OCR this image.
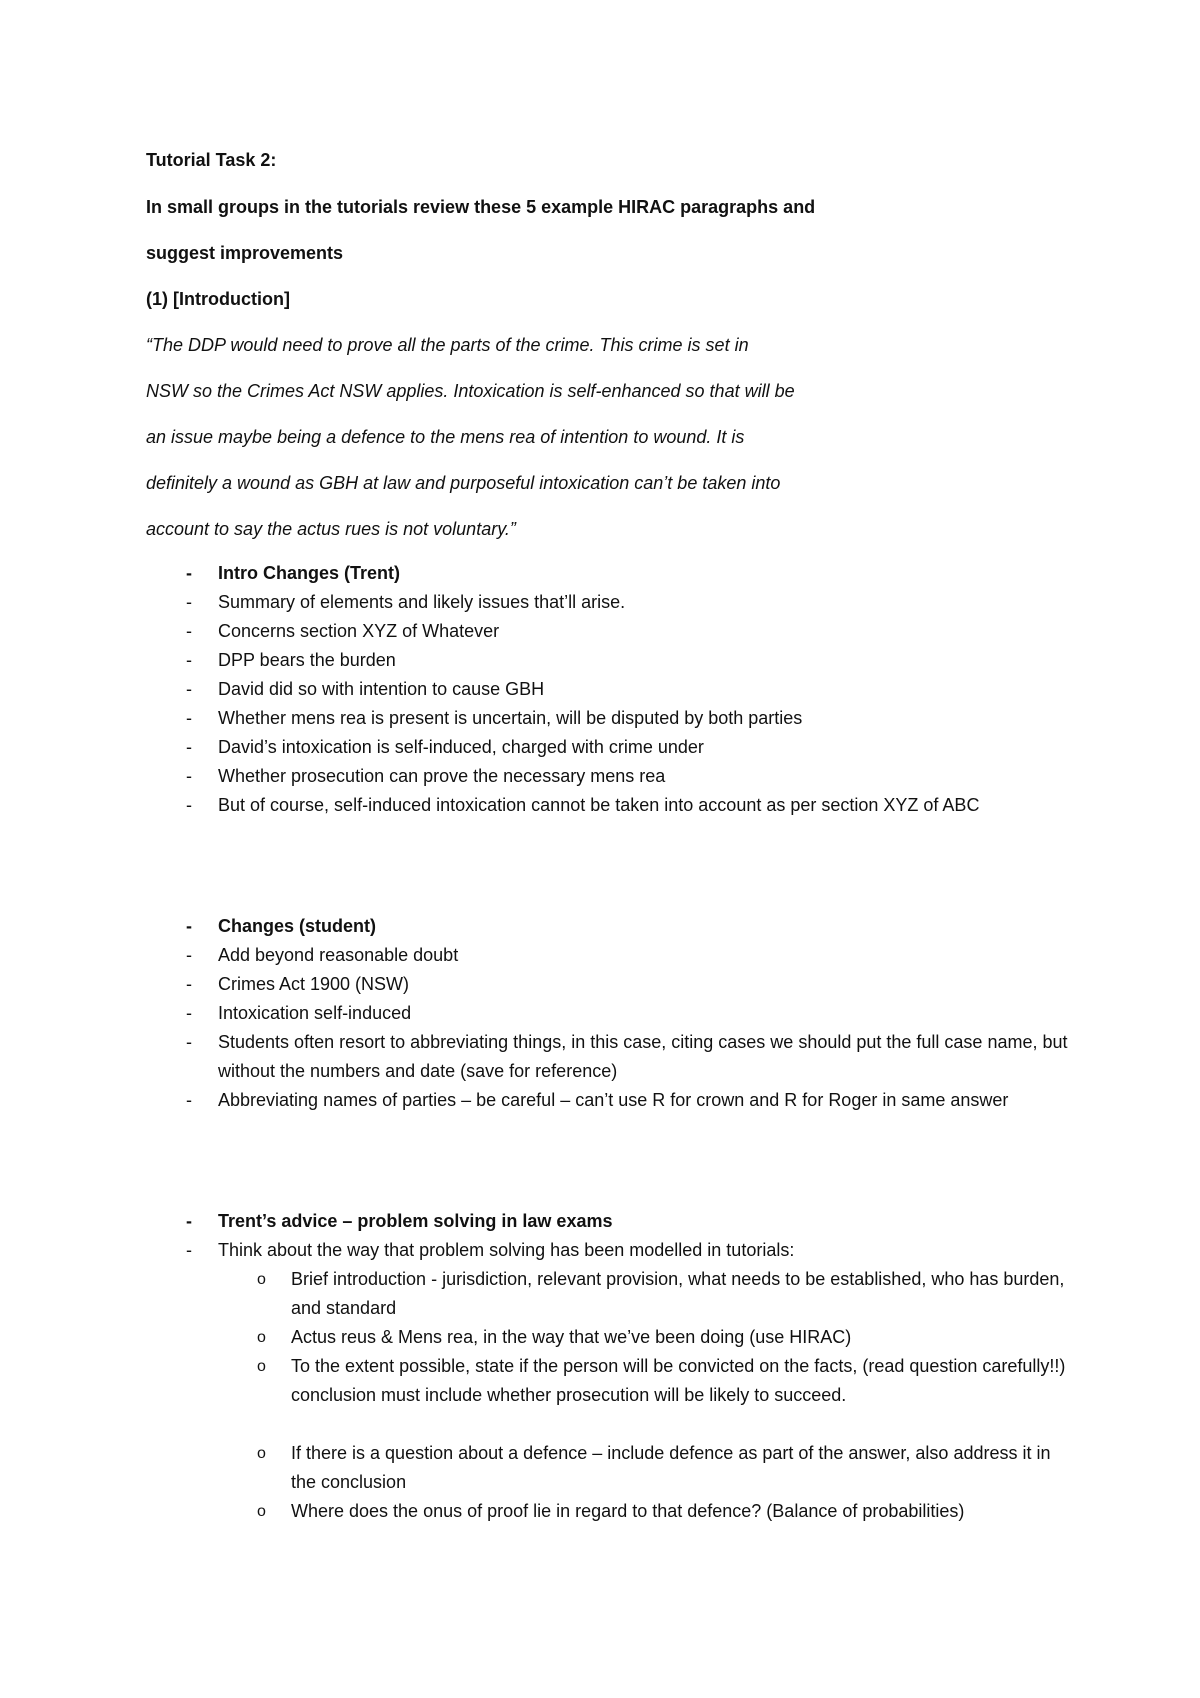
Tutorial Task 2:
In small groups in the tutorials review these 5 example HIRAC paragraphs and
suggest improvements
(1) [Introduction]
“The DDP would need to prove all the parts of the crime. This crime is set in
NSW so the Crimes Act NSW applies. Intoxication is self-enhanced so that will be
an issue maybe being a defence to the mens rea of intention to wound. It is
definitely a wound as GBH at law and purposeful intoxication can’t be taken into
account to say the actus rues is not voluntary.”
- Intro Changes (Trent)
- Summary of elements and likely issues that’ll arise.
- Concerns section XYZ of Whatever
- DPP bears the burden
- David did so with intention to cause GBH
- Whether mens rea is present is uncertain, will be disputed by both parties
- David’s intoxication is self-induced, charged with crime under
- Whether prosecution can prove the necessary mens rea
- But of course, self-induced intoxication cannot be taken into account as per section XYZ of ABC
- Changes (student)
- Add beyond reasonable doubt
- Crimes Act 1900 (NSW)
- Intoxication self-induced
- Students often resort to abbreviating things, in this case, citing cases we should put the full case name, but without the numbers and date (save for reference)
- Abbreviating names of parties – be careful – can’t use R for crown and R for Roger in same answer
- Trent’s advice – problem solving in law exams
- Think about the way that problem solving has been modelled in tutorials:
o Brief introduction - jurisdiction, relevant provision, what needs to be established, who has burden, and standard
o Actus reus & Mens rea, in the way that we’ve been doing (use HIRAC)
o To the extent possible, state if the person will be convicted on the facts, (read question carefully!!) conclusion must include whether prosecution will be likely to succeed.
o If there is a question about a defence – include defence as part of the answer, also address it in the conclusion
o Where does the onus of proof lie in regard to that defence? (Balance of probabilities)
